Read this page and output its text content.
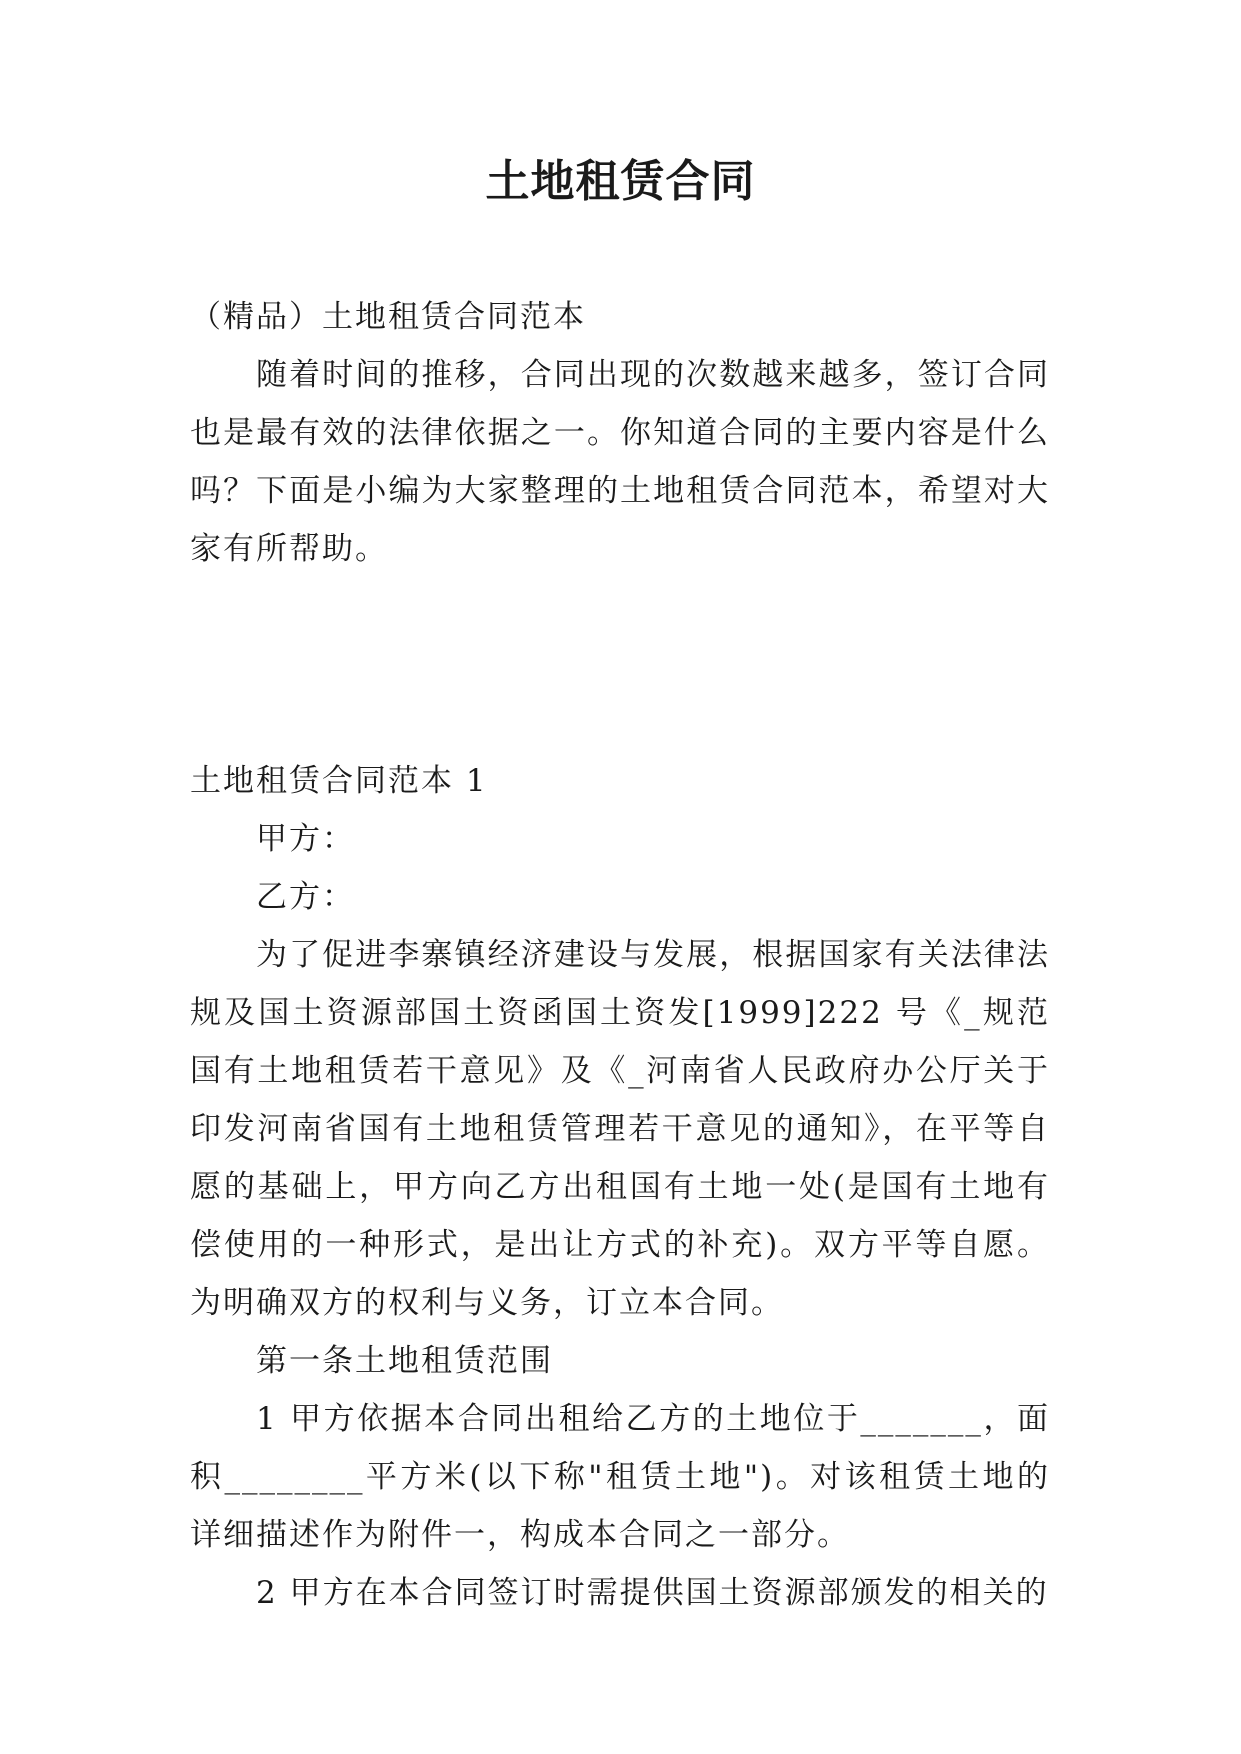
土地租赁合同

（精品）土地租赁合同范本

随着时间的推移，合同出现的次数越来越多，签订合同也是最有效的法律依据之一。你知道合同的主要内容是什么吗？下面是小编为大家整理的土地租赁合同范本，希望对大家有所帮助。

土地租赁合同范本 1

甲方：

乙方：

为了促进李寨镇经济建设与发展，根据国家有关法律法规及国土资源部国土资函国土资发[1999]222 号《_规范国有土地租赁若干意见》及《_河南省人民政府办公厅关于印发河南省国有土地租赁管理若干意见的通知》，在平等自愿的基础上，甲方向乙方出租国有土地一处(是国有土地有偿使用的一种形式，是出让方式的补充)。双方平等自愿。为明确双方的权利与义务，订立本合同。

第一条土地租赁范围

1 甲方依据本合同出租给乙方的土地位于_______，面积________平方米(以下称"租赁土地")。对该租赁土地的详细描述作为附件一，构成本合同之一部分。

2 甲方在本合同签订时需提供国土资源部颁发的相关的
